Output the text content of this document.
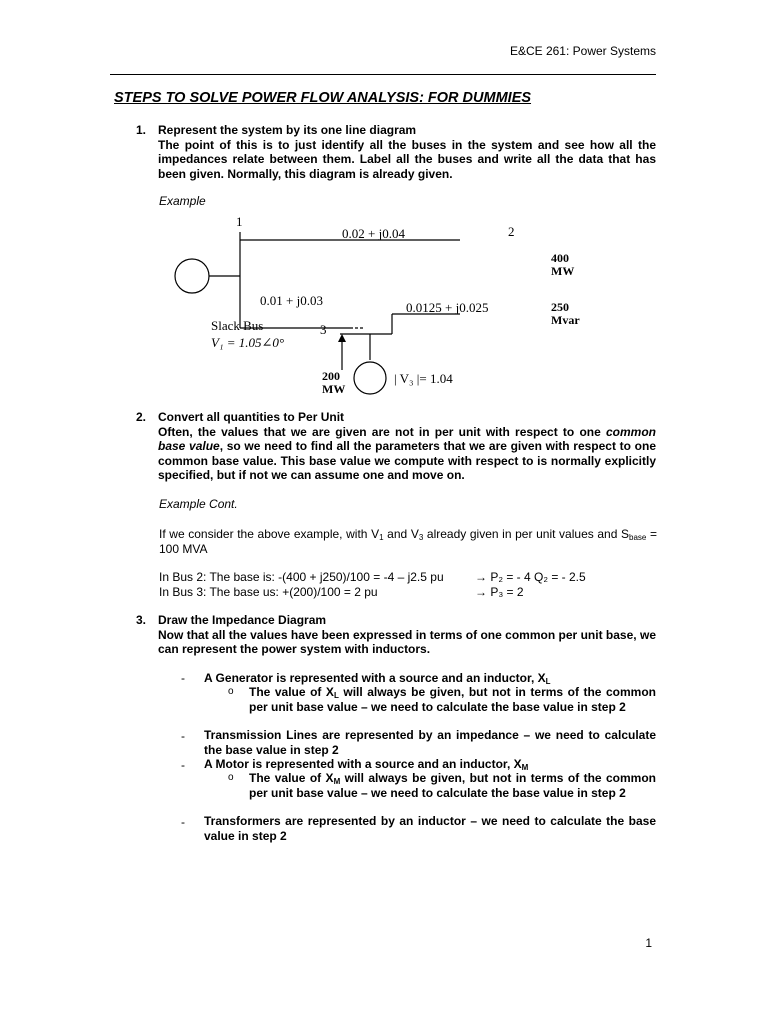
E&CE 261: Power Systems
STEPS TO SOLVE POWER FLOW ANALYSIS: FOR DUMMIES
1. Represent the system by its one line diagram
The point of this is to just identify all the buses in the system and see how all the impedances relate between them. Label all the buses and write all the data that has been given. Normally, this diagram is already given.
Example
1
2
3
0.02 + j0.04
0.01 + j0.03	0.0125 + j0.025
400
MW
250
Mvar
Slack Bus
V₁ = 1.05∠0°
200
MW
| V₃ |= 1.04
2. Convert all quantities to Per Unit
Often, the values that we are given are not in per unit with respect to one common base value, so we need to find all the parameters that we are given with respect to one common base value. This base value we compute with respect to is normally explicitly specified, but if not we can assume one and move on.
Example Cont.
If we consider the above example, with $V_1$ and $V_3$ already given in per unit values and $S_{base} = 100$ MVA
In Bus 2: The base is: -(400 + j250)/100 = -4 – j2.5 pu	→ P₂ = - 4 Q₂ = - 2.5
In Bus 3: The base us: +(200)/100 = 2 pu	→ P₃ = 2
3. Draw the Impedance Diagram
Now that all the values have been expressed in terms of one common per unit base, we can represent the power system with inductors.
- A Generator is represented with a source and an inductor, $X_L$
o The value of $X_L$ will always be given, but not in terms of the common per unit base value – we need to calculate the base value in step 2
- Transmission Lines are represented by an impedance – we need to calculate the base value in step 2
- A Motor is represented with a source and an inductor, $X_M$
o The value of $X_M$ will always be given, but not in terms of the common per unit base value – we need to calculate the base value in step 2
- Transformers are represented by an inductor – we need to calculate the base value in step 2
1
